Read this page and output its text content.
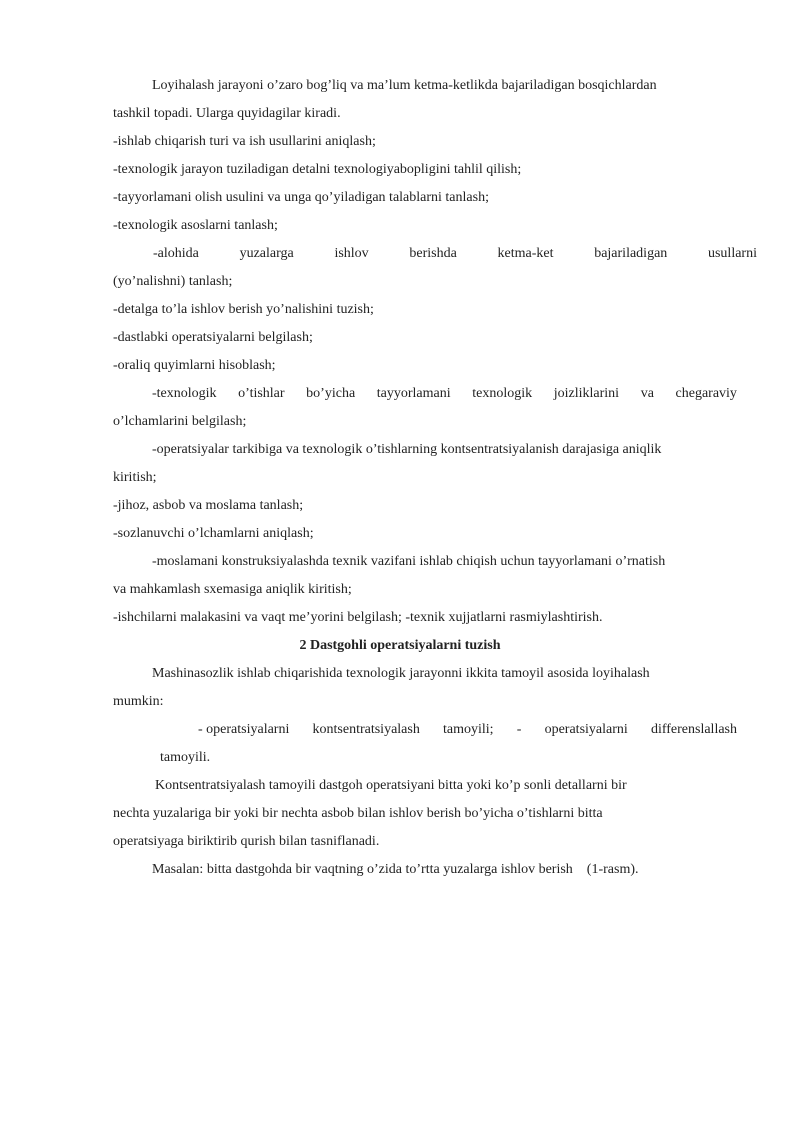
Loyihalash jarayoni o’zaro bog’liq va ma’lum ketma-ketlikda bajariladigan bosqichlardan
tashkil topadi. Ularga quyidagilar kiradi.
-ishlab chiqarish turi va ish usullarini aniqlash;
-texnologik jarayon tuziladigan detalni texnologiyabopligini tahlil qilish;
-tayyorlamani olish usulini va unga qo’yiladigan talablarni tanlash;
-texnologik asoslarni tanlash;
-alohida	yuzalarga	ishlov	berishda	ketma-ket	bajariladigan	usullarni
(yo’nalishni) tanlash;
-detalga to’la ishlov berish yo’nalishini tuzish;
-dastlabki operatsiyalarni belgilash;
-oraliq quyimlarni hisoblash;
-texnologik o’tishlar bo’yicha tayyorlamani texnologik joizliklarini va chegaraviy
o’lchamlarini belgilash;
-operatsiyalar tarkibiga va texnologik o’tishlarning kontsentratsiyalanish darajasiga aniqlik
kiritish;
-jihoz, asbob va moslama tanlash;
-sozlanuvchi o’lchamlarni aniqlash;
-moslamani konstruksiyalashda texnik vazifani ishlab chiqish uchun tayyorlamani o’rnatish
va mahkamlash sxemasiga aniqlik kiritish;
-ishchilarni malakasini va vaqt me’yorini belgilash; -texnik xujjatlarni rasmiylashtirish.
2 Dastgohli operatsiyalarni tuzish
Mashinasozlik ishlab chiqarishida texnologik jarayonni ikkita tamoyil asosida loyihalash
mumkin:
- operatsiyalarni kontsentratsiyalash tamoyili; - operatsiyalarni differenslallash
tamoyili.
Kontsentratsiyalash tamoyili dastgoh operatsiyani bitta yoki ko’p sonli detallarni bir
nechta yuzalariga bir yoki bir nechta asbob bilan ishlov berish bo’yicha o’tishlarni bitta
operatsiyaga biriktirib qurish bilan tasniflanadi.
Masalan: bitta dastgohda bir vaqtning o’zida to’rtta yuzalarga ishlov berish    (1-rasm).
